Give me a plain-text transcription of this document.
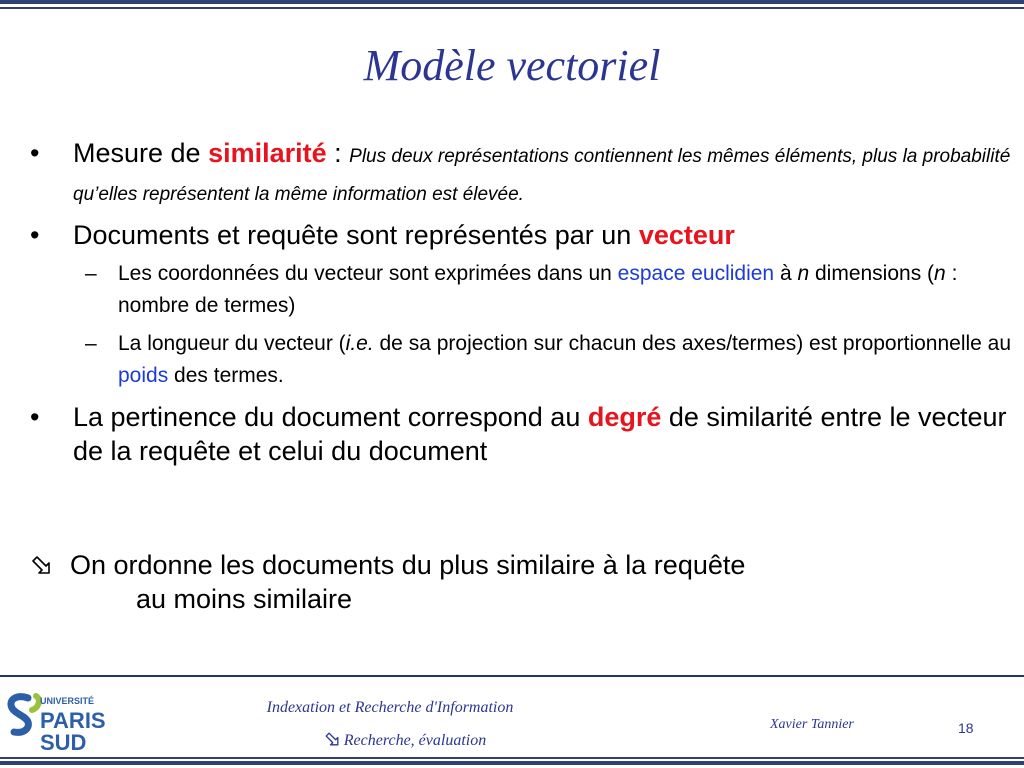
Modèle vectoriel
•	Mesure de similarité : Plus deux représentations contiennent les mêmes éléments, plus la probabilité qu’elles représentent la même information est élevée.
•	Documents et requête sont représentés par un vecteur
– Les coordonnées du vecteur sont exprimées dans un espace euclidien à n dimensions (n : nombre de termes)
– La longueur du vecteur (i.e. de sa projection sur chacun des axes/termes) est proportionnelle au poids des termes.
•	La pertinence du document correspond au degré de similarité entre le vecteur de la requête et celui du document
On ordonne les documents du plus similaire à la requête
au moins similaire
UNIVERSITÉ
PARIS
SUD
Indexation et Recherche d'Information
Recherche, évaluation
Xavier Tannier	18
